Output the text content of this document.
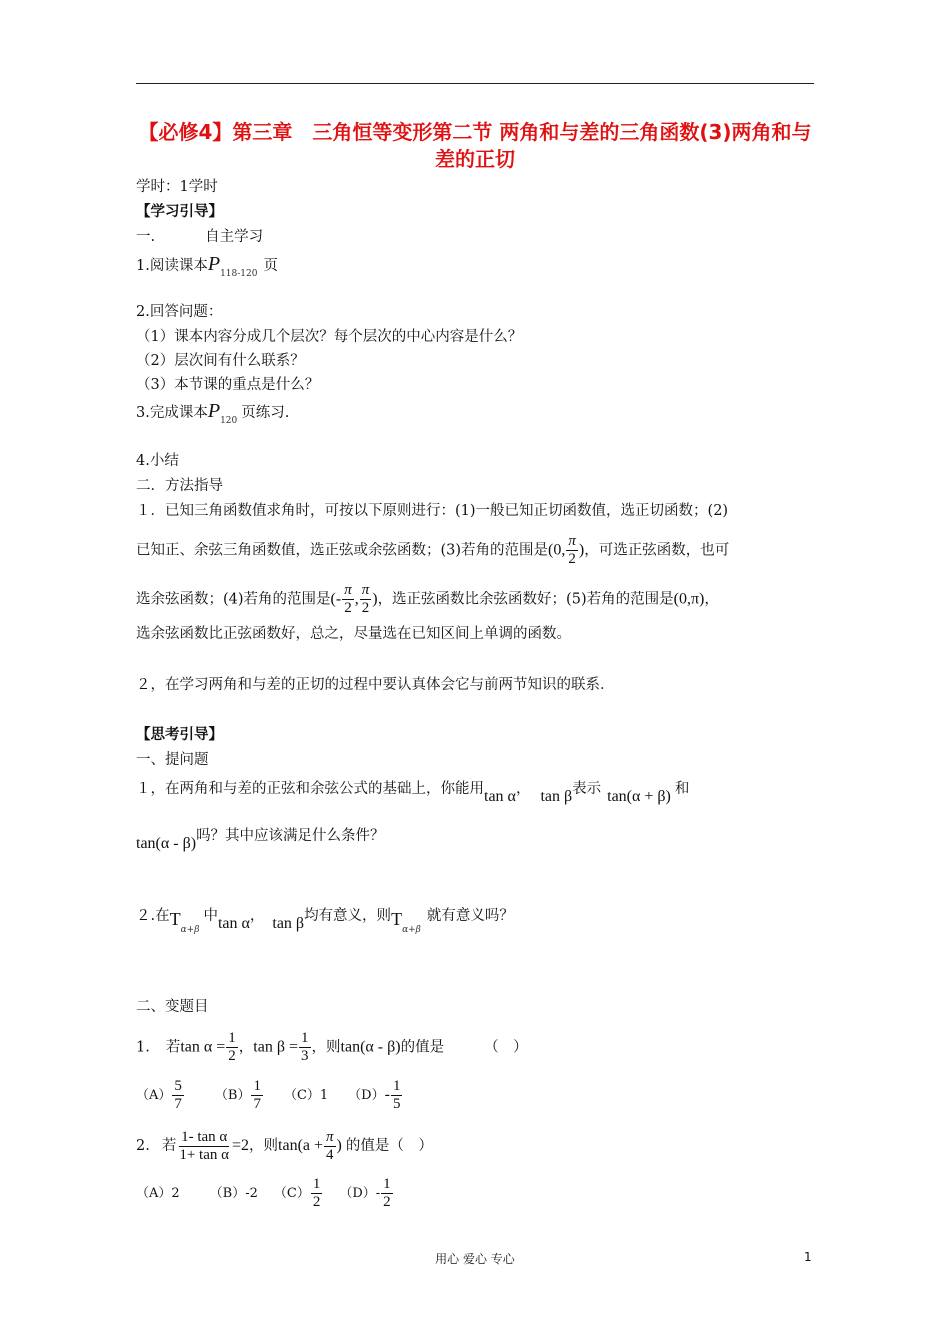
【必修4】第三章　三角恒等变形第二节 两角和与差的三角函数(3)两角和与差的正切
学时：1学时
【学习引导】
一.	自主学习
1.阅读课本$P_{118-120}$ 页
2.回答问题：
（1）课本内容分成几个层次？每个层次的中心内容是什么？
（2）层次间有什么联系？
（3）本节课的重点是什么？
3.完成课本$P_{120}$ 页练习.
4.小结
二．方法指导
１．已知三角函数值求角时，可按以下原则进行：(1)一般已知正切函数值，选正切函数；(2)
已知正、余弦三角函数值，选正弦或余弦函数；(3)若角的范围是(0, $\frac{\pi}{2}$ )，可选正弦函数，也可
选余弦函数；(4)若角的范围是(- $\frac{\pi}{2}$ , $\frac{\pi}{2}$ )，选正弦函数比余弦函数好；(5)若角的范围是(0,π)，
选余弦函数比正弦函数好，总之，尽量选在已知区间上单调的函数。
２，在学习两角和与差的正切的过程中要认真体会它与前两节知识的联系．
【思考引导】
一、提问题
１，在两角和与差的正弦和余弦公式的基础上，你能用tan α， tan β表示 tan(α + β) 和
tan(α - β)吗？其中应该满足什么条件？
２.在$T_{\alpha+\beta}$中tan α， tan β均有意义，则$T_{\alpha+\beta}$就有意义吗？
二、变题目
1. 若$\tan \alpha = \frac{1}{2}$ ，$\tan \beta = \frac{1}{3}$ ，则tan(α - β)的值是	（　）
$(A) \frac{5}{7} (B) \frac{1}{7} (C)1$ $(D)- \frac{1}{5}$
2. 若 $\frac{\text{1- tan α}}{\text{1+ tan α}} =2$，则$\tan(a + \frac{\pi}{4}$ ) 的值是（　）
（A）2 （B）-2 $(C) \frac{1}{2} (D)- \frac{1}{2}$
用心 爱心 专心	1
